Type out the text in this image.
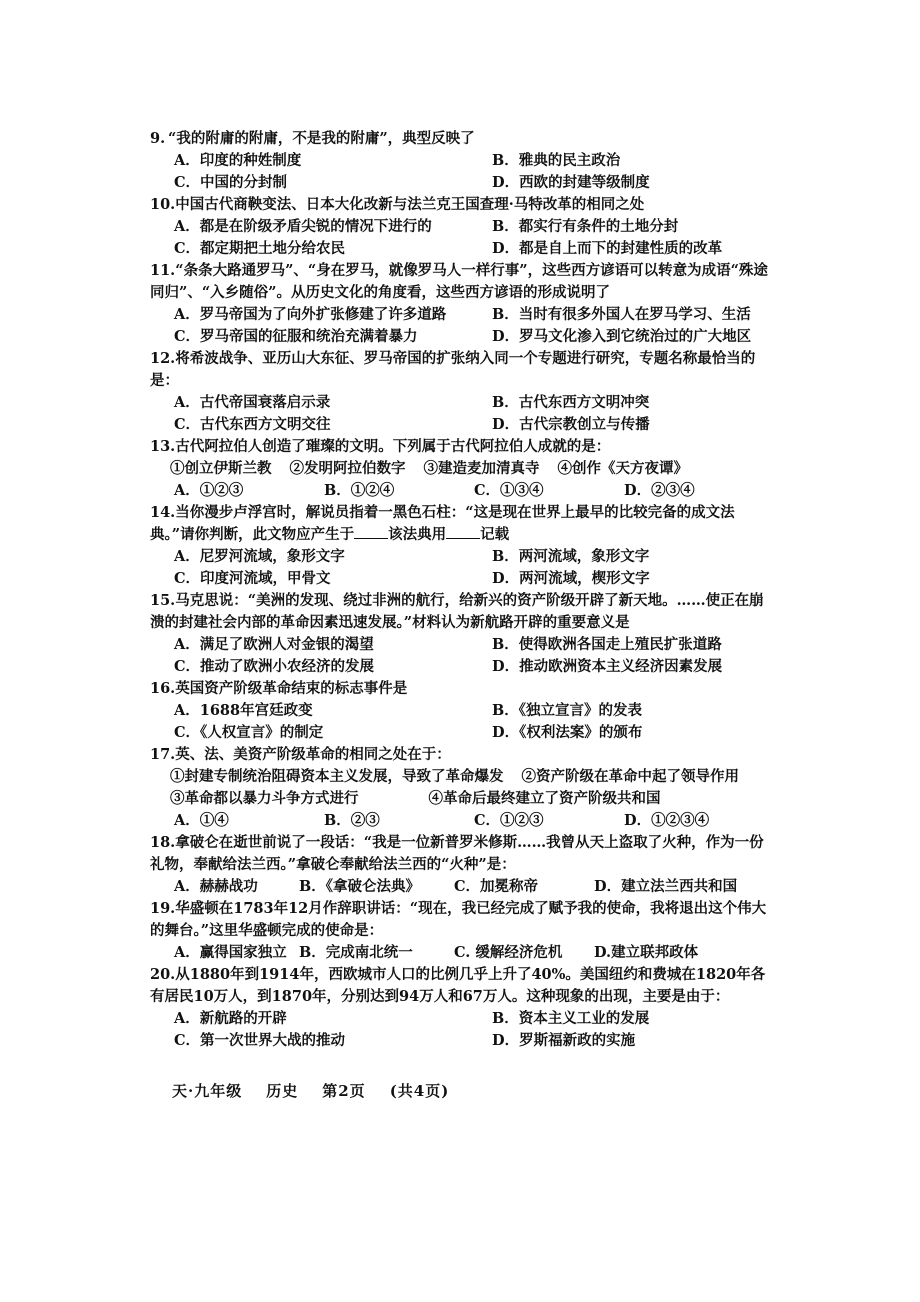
9. “我的附庸的附庸，不是我的附庸”，典型反映了
A．印度的种姓制度	B．雅典的民主政治
C．中国的分封制	D．西欧的封建等级制度
10.中国古代商鞅变法、日本大化改新与法兰克王国查理·马特改革的相同之处
A．都是在阶级矛盾尖锐的情况下进行的	B．都实行有条件的土地分封
C．都定期把土地分给农民	D．都是自上而下的封建性质的改革
11.“条条大路通罗马”、“身在罗马，就像罗马人一样行事”，这些西方谚语可以转意为成语“殊途同归”、“入乡随俗”。从历史文化的角度看，这些西方谚语的形成说明了
A．罗马帝国为了向外扩张修建了许多道路	B．当时有很多外国人在罗马学习、生活
C．罗马帝国的征服和统治充满着暴力	D．罗马文化渗入到它统治过的广大地区
12.将希波战争、亚历山大东征、罗马帝国的扩张纳入同一个专题进行研究，专题名称最恰当的是：
A．古代帝国衰落启示录	B．古代东西方文明冲突
C．古代东西方文明交往	D．古代宗教创立与传播
13.古代阿拉伯人创造了璀璨的文明。下列属于古代阿拉伯人成就的是：
①创立伊斯兰教 ②发明阿拉伯数字 ③建造麦加清真寺 ④创作《天方夜谭》
A．①②③	B．①②④	C．①③④	D．②③④
14.当你漫步卢浮宫时，解说员指着一黑色石柱：“这是现在世界上最早的比较完备的成文法典。”请你判断，此文物应产生于 该法典用 记载
A．尼罗河流域，象形文字	B．两河流域，象形文字
C．印度河流域，甲骨文	D．两河流域，楔形文字
15.马克思说：“美洲的发现、绕过非洲的航行，给新兴的资产阶级开辟了新天地。……使正在崩溃的封建社会内部的革命因素迅速发展。”材料认为新航路开辟的重要意义是
A．满足了欧洲人对金银的渴望	B．使得欧洲各国走上殖民扩张道路
C．推动了欧洲小农经济的发展	D．推动欧洲资本主义经济因素发展
16.英国资产阶级革命结束的标志事件是
A．1688年宫廷政变	B．《独立宣言》的发表
C．《人权宣言》的制定	D．《权利法案》的颁布
17.英、法、美资产阶级革命的相同之处在于：
①封建专制统治阻碍资本主义发展，导致了革命爆发 ②资产阶级在革命中起了领导作用
③革命都以暴力斗争方式进行	④革命后最终建立了资产阶级共和国
A．①④	B．②③	C．①②③	D．①②③④
18.拿破仑在逝世前说了一段话：“我是一位新普罗米修斯……我曾从天上盗取了火种，作为一份礼物，奉献给法兰西。”拿破仑奉献给法兰西的“火种”是：
A．赫赫战功	B．《拿破仑法典》	C．加冕称帝	D．建立法兰西共和国
19.华盛顿在1783年12月作辞职讲话：“现在，我已经完成了赋予我的使命，我将退出这个伟大的舞台。”这里华盛顿完成的使命是：
A．赢得国家独立 B．完成南北统一	C. 缓解经济危机	D.建立联邦政体
20.从1880年到1914年，西欧城市人口的比例几乎上升了40%。美国纽约和费城在1820年各有居民10万人，到1870年，分别达到94万人和67万人。这种现象的出现，主要是由于：
A．新航路的开辟	B．资本主义工业的发展
C．第一次世界大战的推动	D．罗斯福新政的实施
天·九年级 历史 第2页 (共4页)
